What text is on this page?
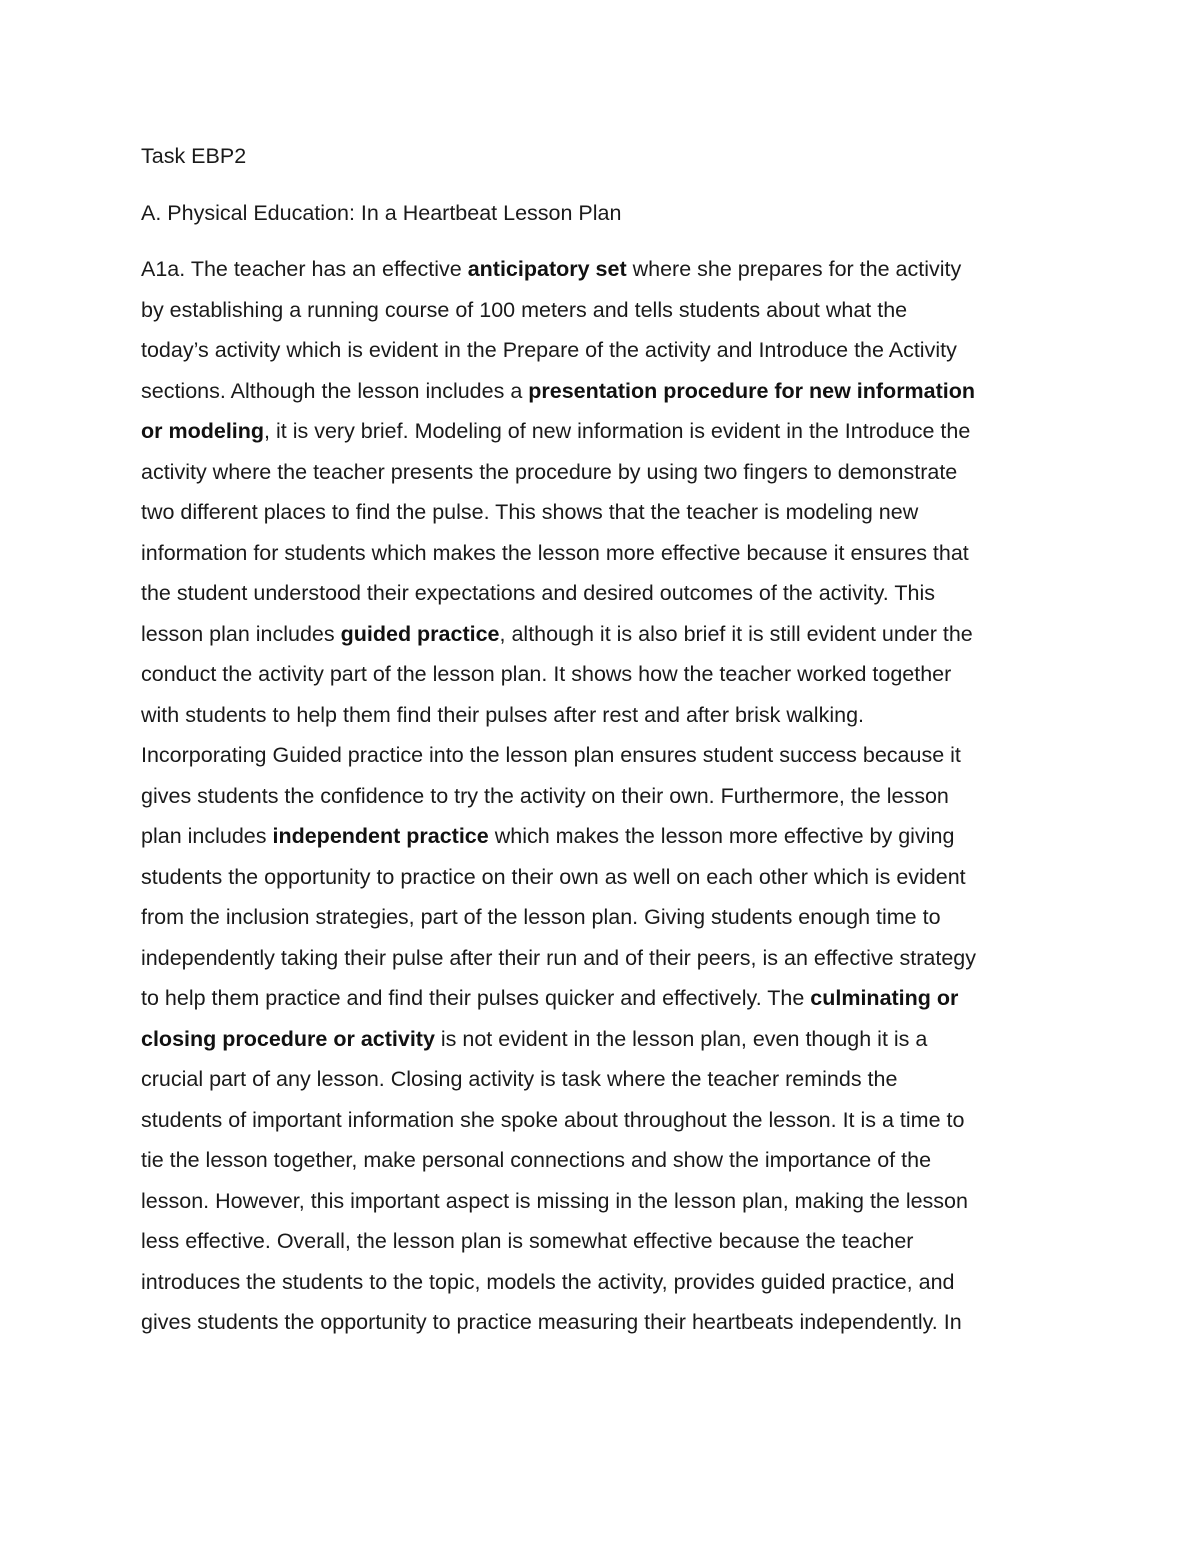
Task EBP2
A. Physical Education: In a Heartbeat Lesson Plan
A1a. The teacher has an effective anticipatory set where she prepares for the activity
by establishing a running course of 100 meters and tells students about what the
today’s activity which is evident in the Prepare of the activity and Introduce the Activity
sections. Although the lesson includes a presentation procedure for new information
or modeling, it is very brief. Modeling of new information is evident in the Introduce the
activity where the teacher presents the procedure by using two fingers to demonstrate
two different places to find the pulse. This shows that the teacher is modeling new
information for students which makes the lesson more effective because it ensures that
the student understood their expectations and desired outcomes of the activity. This
lesson plan includes guided practice, although it is also brief it is still evident under the
conduct the activity part of the lesson plan. It shows how the teacher worked together
with students to help them find their pulses after rest and after brisk walking.
Incorporating Guided practice into the lesson plan ensures student success because it
gives students the confidence to try the activity on their own. Furthermore, the lesson
plan includes independent practice which makes the lesson more effective by giving
students the opportunity to practice on their own as well on each other which is evident
from the inclusion strategies, part of the lesson plan. Giving students enough time to
independently taking their pulse after their run and of their peers, is an effective strategy
to help them practice and find their pulses quicker and effectively. The culminating or
closing procedure or activity is not evident in the lesson plan, even though it is a
crucial part of any lesson. Closing activity is task where the teacher reminds the
students of important information she spoke about throughout the lesson. It is a time to
tie the lesson together, make personal connections and show the importance of the
lesson. However, this important aspect is missing in the lesson plan, making the lesson
less effective. Overall, the lesson plan is somewhat effective because the teacher
introduces the students to the topic, models the activity, provides guided practice, and
gives students the opportunity to practice measuring their heartbeats independently. In
